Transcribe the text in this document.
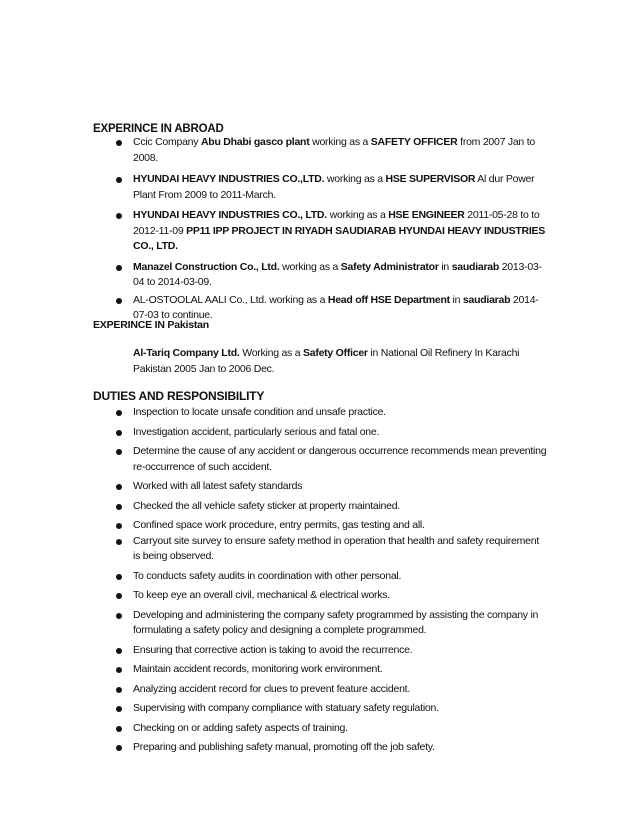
EXPERINCE IN ABROAD
Ccic Company Abu Dhabi gasco plant working as a SAFETY OFFICER from 2007 Jan to 2008.
HYUNDAI HEAVY INDUSTRIES CO.,LTD. working as a HSE SUPERVISOR Al dur Power Plant From 2009 to 2011-March.
HYUNDAI HEAVY INDUSTRIES CO., LTD. working as a HSE ENGINEER 2011-05-28 to to 2012-11-09 PP11 IPP PROJECT IN RIYADH SAUDIARAB HYUNDAI HEAVY INDUSTRIES CO., LTD.
Manazel Construction Co., Ltd. working as a Safety Administrator in saudiarab 2013-03-04 to 2014-03-09.
AL-OSTOOLAL AALI Co., Ltd. working as a Head off HSE Department in saudiarab 2014-07-03 to continue.
EXPERINCE IN Pakistan
Al-Tariq Company Ltd. Working as a Safety Officer in National Oil Refinery In Karachi Pakistan 2005 Jan to 2006 Dec.
DUTIES AND RESPONSIBILITY
Inspection to locate unsafe condition and unsafe practice.
Investigation accident, particularly serious and fatal one.
Determine the cause of any accident or dangerous occurrence recommends mean preventing re-occurrence of such accident.
Worked with all latest safety standards
Checked the all vehicle safety sticker at property maintained.
Confined space work procedure, entry permits, gas testing and all.
Carryout site survey to ensure safety method in operation that health and safety requirement is being observed.
To conducts safety audits in coordination with other personal.
To keep eye an overall civil, mechanical & electrical works.
Developing and administering the company safety programmed by assisting the company in formulating a safety policy and designing a complete programmed.
Ensuring that corrective action is taking to avoid the recurrence.
Maintain accident records, monitoring work environment.
Analyzing accident record for clues to prevent feature accident.
Supervising with company compliance with statuary safety regulation.
Checking on or adding safety aspects of training.
Preparing and publishing safety manual, promoting off the job safety.
